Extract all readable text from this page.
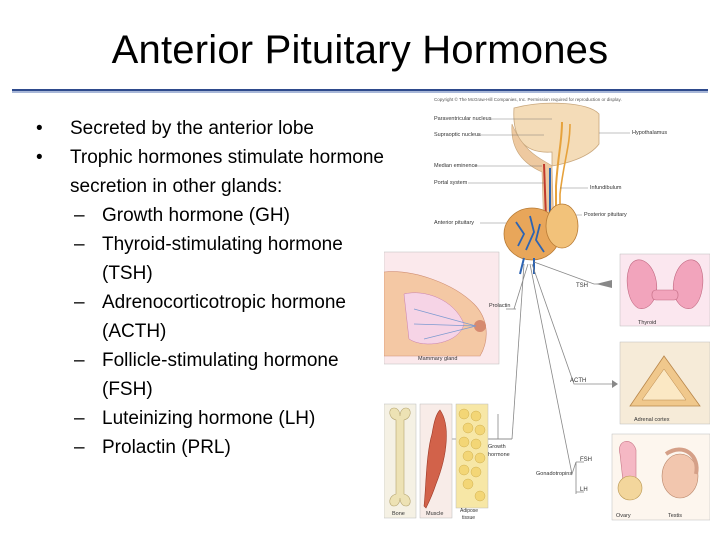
Anterior Pituitary Hormones
• Secreted by the anterior lobe
• Trophic hormones stimulate hormone secretion in other glands:
– Growth hormone (GH)
– Thyroid-stimulating hormone (TSH)
– Adrenocorticotropic hormone (ACTH)
– Follicle-stimulating hormone (FSH)
– Luteinizing hormone (LH)
– Prolactin (PRL)
Copyright © The McGraw-Hill Companies, Inc. Permission required for reproduction or display.
Paraventricular nucleus
Supraoptic nucleus	Hypothalamus
Median eminence
Portal system
Infundibulum
Anterior pituitary
Posterior pituitary
Mammary gland
Prolactin
TSH
Thyroid
ACTH
Adrenal cortex
Bone	Muscle	Adipose
tissue
Growth
hormone
Ovary	Testis
Gonadotropins
FSH
LH
